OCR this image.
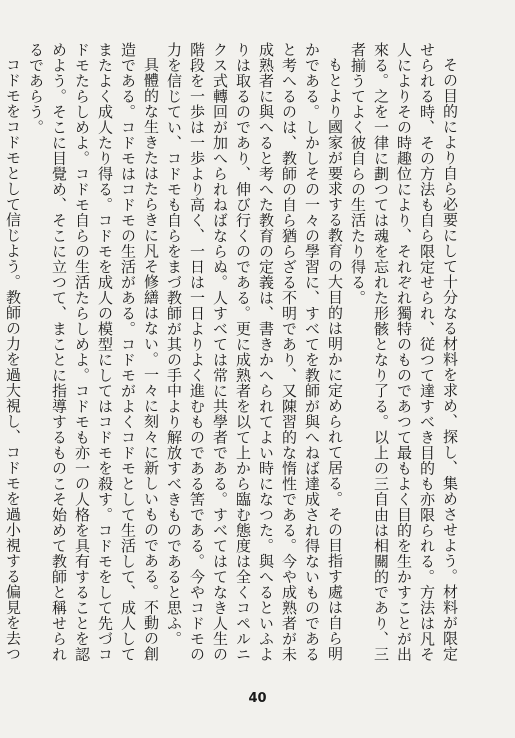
その目的により自ら必要にして十分なる材料を求め、探し、集めさせよう。材料が限定せられる時、その方法も自ら限定せられ、従つて達すべき目的も亦限られる。方法は凡そ人によりその時趣位により、それぞれ獨特のものであつて最もよく目的を生かすことが出來る。之を一律に劃つては魂を忘れた形骸となり了る。以上の三自由は相關的であり、三者揃うてよく彼自らの生活たり得る。

もとより國家が要求する教育の大目的は明かに定められて居る。その目指す處は自ら明かである。しかしその一々の學習に、すべてを教師が與へねば達成され得ないものであると考へるのは、教師の自ら猶らざる不明であり、又陳習的な惰性である。今や成熟者が未成熟者に與へると考へた教育の定義は、書きかへられてよい時になつた。與へるといふよりは取るのであり、伸び行くのである。更に成熟者を以て上から臨む態度は全くコペルニクス式轉回が加へられねばならぬ。人すべては常に共學者である。すべてはてなき人生の階段を一歩は一歩より高く、一日は一日よりよく進むものである筈である。今やコドモの力を信じてい、コドモも自らをまづ教師が其の手中より解放すべきものであると思ふ。

具體的な生きたはたらきに凡そ修繕はない。一々に刻々に新しいものである。不動の創造である。コドモはコドモの生活がある。コドモがよくコドモとして生活して、成人してまたよく成人たり得る。コドモを成人の模型にしてはコドモを殺す。コドモをして先づコドモたらしめよ。コドモ自らの生活たらしめよ。コドモも亦一の人格を具有することを認めよう。そこに目覺め、そこに立つて、まことに指導するものこそ始めて教師と稱せられるであらう。

コドモをコドモとして信じよう。教師の力を過大視し、コドモを過小視する偏見を去つ

40
